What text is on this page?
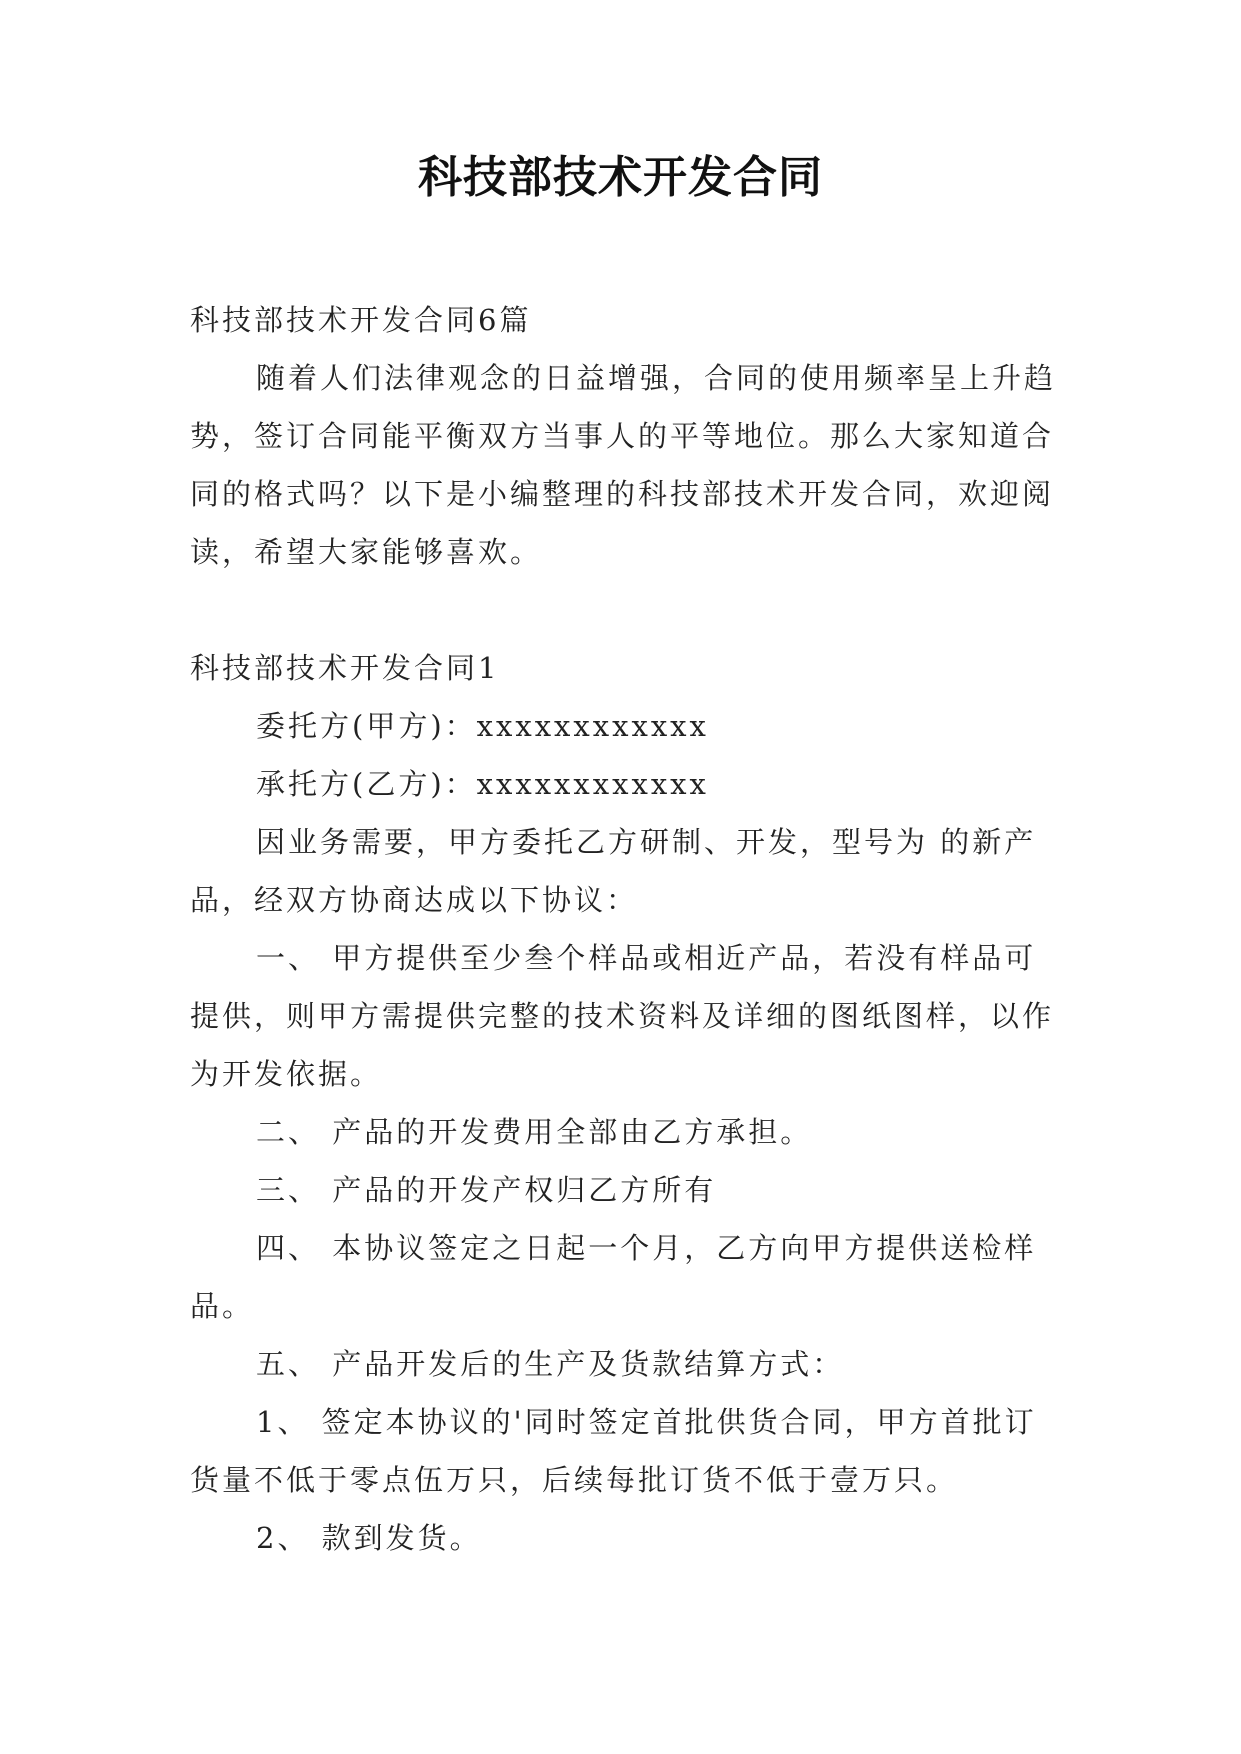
科技部技术开发合同

科技部技术开发合同6篇

随着人们法律观念的日益增强，合同的使用频率呈上升趋势，签订合同能平衡双方当事人的平等地位。那么大家知道合同的格式吗？以下是小编整理的科技部技术开发合同，欢迎阅读，希望大家能够喜欢。

科技部技术开发合同1

委托方(甲方)：xxxxxxxxxxxx

承托方(乙方)：xxxxxxxxxxxx

因业务需要，甲方委托乙方研制、开发，型号为 的新产品，经双方协商达成以下协议：

一、 甲方提供至少叁个样品或相近产品，若没有样品可提供，则甲方需提供完整的技术资料及详细的图纸图样，以作为开发依据。

二、 产品的开发费用全部由乙方承担。

三、 产品的开发产权归乙方所有

四、 本协议签定之日起一个月，乙方向甲方提供送检样品。

五、 产品开发后的生产及货款结算方式：

1、 签定本协议的'同时签定首批供货合同，甲方首批订货量不低于零点伍万只，后续每批订货不低于壹万只。

2、 款到发货。
